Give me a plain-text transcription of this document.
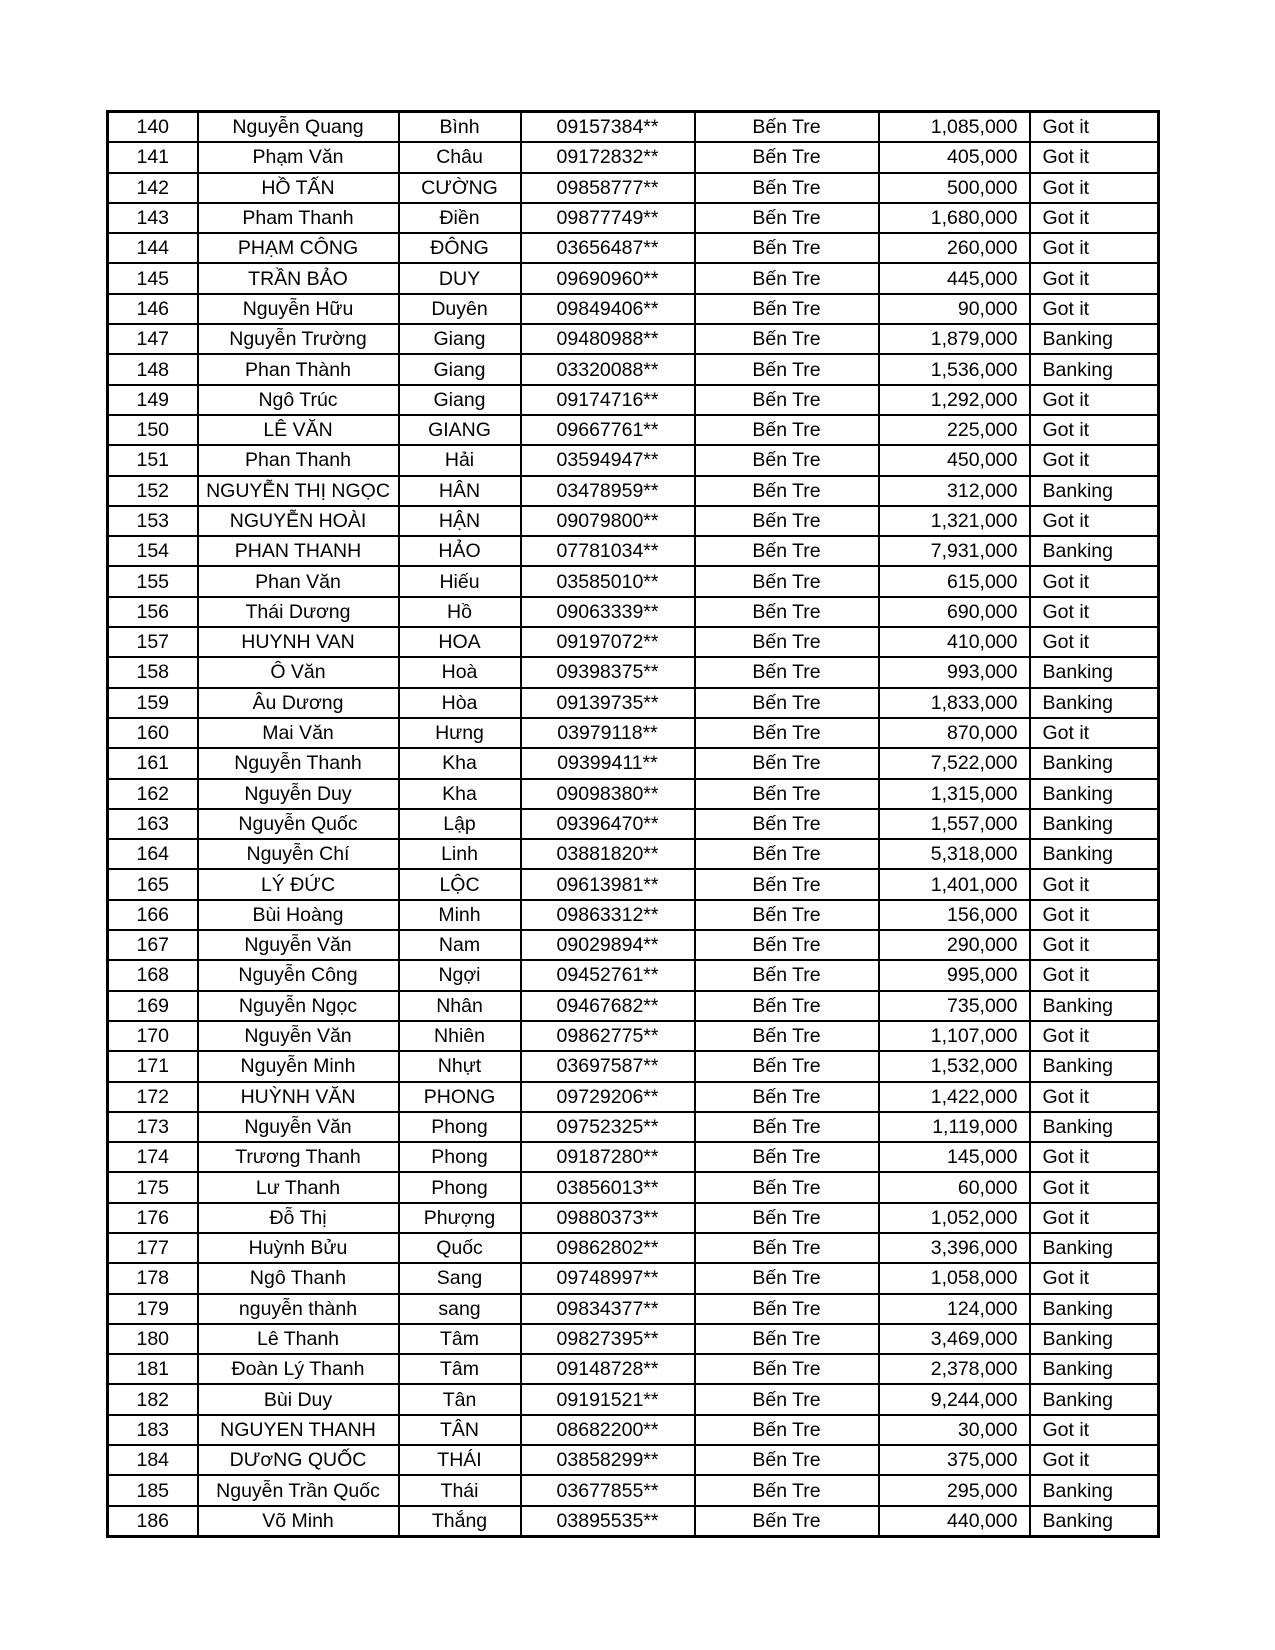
140	Nguyễn Quang	Bình	09157384**	Bến Tre	1,085,000	Got it
141	Phạm Văn	Châu	09172832**	Bến Tre	405,000	Got it
142	HỒ TẤN	CƯỜNG	09858777**	Bến Tre	500,000	Got it
143	Pham Thanh	Điền	09877749**	Bến Tre	1,680,000	Got it
144	PHẠM CÔNG	ĐÔNG	03656487**	Bến Tre	260,000	Got it
145	TRẦN BẢO	DUY	09690960**	Bến Tre	445,000	Got it
146	Nguyễn Hữu	Duyên	09849406**	Bến Tre	90,000	Got it
147	Nguyễn Trường	Giang	09480988**	Bến Tre	1,879,000	Banking
148	Phan Thành	Giang	03320088**	Bến Tre	1,536,000	Banking
149	Ngô Trúc	Giang	09174716**	Bến Tre	1,292,000	Got it
150	LÊ VĂN	GIANG	09667761**	Bến Tre	225,000	Got it
151	Phan Thanh	Hải	03594947**	Bến Tre	450,000	Got it
152	NGUYỄN THỊ NGỌC	HÂN	03478959**	Bến Tre	312,000	Banking
153	NGUYỄN HOÀI	HẬN	09079800**	Bến Tre	1,321,000	Got it
154	PHAN THANH	HẢO	07781034**	Bến Tre	7,931,000	Banking
155	Phan Văn	Hiếu	03585010**	Bến Tre	615,000	Got it
156	Thái Dương	Hồ	09063339**	Bến Tre	690,000	Got it
157	HUYNH VAN	HOA	09197072**	Bến Tre	410,000	Got it
158	Ô Văn	Hoà	09398375**	Bến Tre	993,000	Banking
159	Âu Dương	Hòa	09139735**	Bến Tre	1,833,000	Banking
160	Mai Văn	Hưng	03979118**	Bến Tre	870,000	Got it
161	Nguyễn Thanh	Kha	09399411**	Bến Tre	7,522,000	Banking
162	Nguyễn Duy	Kha	09098380**	Bến Tre	1,315,000	Banking
163	Nguyễn Quốc	Lập	09396470**	Bến Tre	1,557,000	Banking
164	Nguyễn Chí	Linh	03881820**	Bến Tre	5,318,000	Banking
165	LÝ ĐỨC	LỘC	09613981**	Bến Tre	1,401,000	Got it
166	Bùi Hoàng	Minh	09863312**	Bến Tre	156,000	Got it
167	Nguyễn Văn	Nam	09029894**	Bến Tre	290,000	Got it
168	Nguyễn Công	Ngợi	09452761**	Bến Tre	995,000	Got it
169	Nguyễn Ngọc	Nhân	09467682**	Bến Tre	735,000	Banking
170	Nguyễn Văn	Nhiên	09862775**	Bến Tre	1,107,000	Got it
171	Nguyễn Minh	Nhựt	03697587**	Bến Tre	1,532,000	Banking
172	HUỲNH VĂN	PHONG	09729206**	Bến Tre	1,422,000	Got it
173	Nguyễn Văn	Phong	09752325**	Bến Tre	1,119,000	Banking
174	Trương Thanh	Phong	09187280**	Bến Tre	145,000	Got it
175	Lư Thanh	Phong	03856013**	Bến Tre	60,000	Got it
176	Đỗ Thị	Phượng	09880373**	Bến Tre	1,052,000	Got it
177	Huỳnh Bửu	Quốc	09862802**	Bến Tre	3,396,000	Banking
178	Ngô Thanh	Sang	09748997**	Bến Tre	1,058,000	Got it
179	nguyễn thành	sang	09834377**	Bến Tre	124,000	Banking
180	Lê Thanh	Tâm	09827395**	Bến Tre	3,469,000	Banking
181	Đoàn Lý Thanh	Tâm	09148728**	Bến Tre	2,378,000	Banking
182	Bùi Duy	Tân	09191521**	Bến Tre	9,244,000	Banking
183	NGUYEN THANH	TÂN	08682200**	Bến Tre	30,000	Got it
184	DƯơNG QUỐC	THÁI	03858299**	Bến Tre	375,000	Got it
185	Nguyễn Trần Quốc	Thái	03677855**	Bến Tre	295,000	Banking
186	Võ Minh	Thắng	03895535**	Bến Tre	440,000	Banking
